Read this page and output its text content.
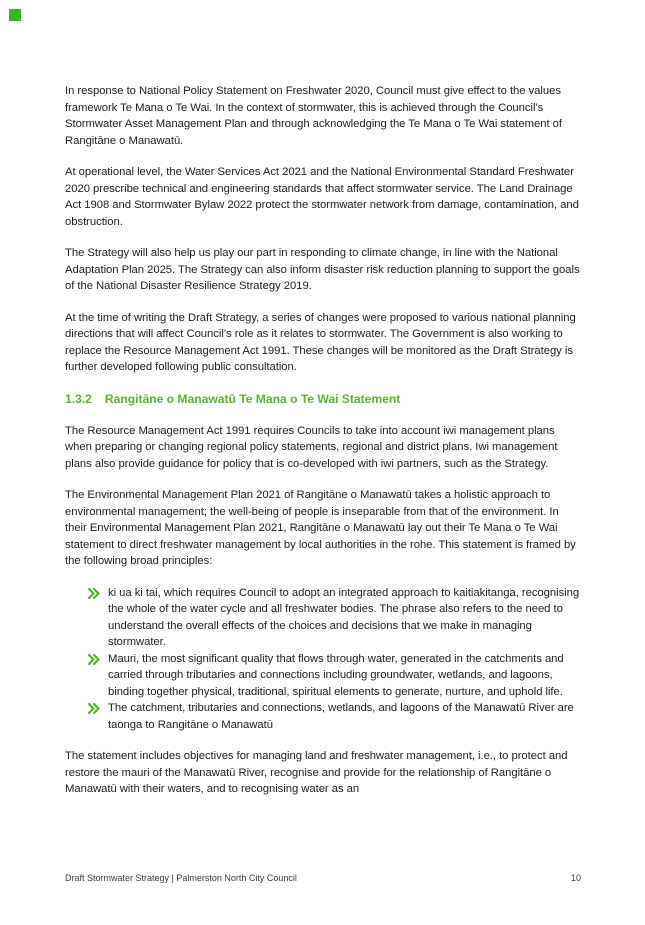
In response to National Policy Statement on Freshwater 2020, Council must give effect to the values framework Te Mana o Te Wai. In the context of stormwater, this is achieved through the Council’s Stormwater Asset Management Plan and through acknowledging the Te Mana o Te Wai statement of Rangitāne o Manawatū.

At operational level, the Water Services Act 2021 and the National Environmental Standard Freshwater 2020 prescribe technical and engineering standards that affect stormwater service. The Land Drainage Act 1908 and Stormwater Bylaw 2022 protect the stormwater network from damage, contamination, and obstruction.

The Strategy will also help us play our part in responding to climate change, in line with the National Adaptation Plan 2025. The Strategy can also inform disaster risk reduction planning to support the goals of the National Disaster Resilience Strategy 2019.

At the time of writing the Draft Strategy, a series of changes were proposed to various national planning directions that will affect Council’s role as it relates to stormwater. The Government is also working to replace the Resource Management Act 1991. These changes will be monitored as the Draft Strategy is further developed following public consultation.

1.3.2 Rangitāne o Manawatū Te Mana o Te Wai Statement

The Resource Management Act 1991 requires Councils to take into account iwi management plans when preparing or changing regional policy statements, regional and district plans. Iwi management plans also provide guidance for policy that is co-developed with iwi partners, such as the Strategy.

The Environmental Management Plan 2021 of Rangitāne o Manawatū takes a holistic approach to environmental management; the well-being of people is inseparable from that of the environment. In their Environmental Management Plan 2021, Rangitāne o Manawatū lay out their Te Mana o Te Wai statement to direct freshwater management by local authorities in the rohe. This statement is framed by the following broad principles:

ki ua ki tai, which requires Council to adopt an integrated approach to kaitiakitanga, recognising the whole of the water cycle and all freshwater bodies. The phrase also refers to the need to understand the overall effects of the choices and decisions that we make in managing stormwater.
Mauri, the most significant quality that flows through water, generated in the catchments and carried through tributaries and connections including groundwater, wetlands, and lagoons, binding together physical, traditional, spiritual elements to generate, nurture, and uphold life.
The catchment, tributaries and connections, wetlands, and lagoons of the Manawatū River are taonga to Rangitāne o Manawatū

The statement includes objectives for managing land and freshwater management, i.e., to protect and restore the mauri of the Manawatū River, recognise and provide for the relationship of Rangitāne o Manawatū with their waters, and to recognising water as an

Draft Stormwater Strategy | Palmerston North City Council	10
